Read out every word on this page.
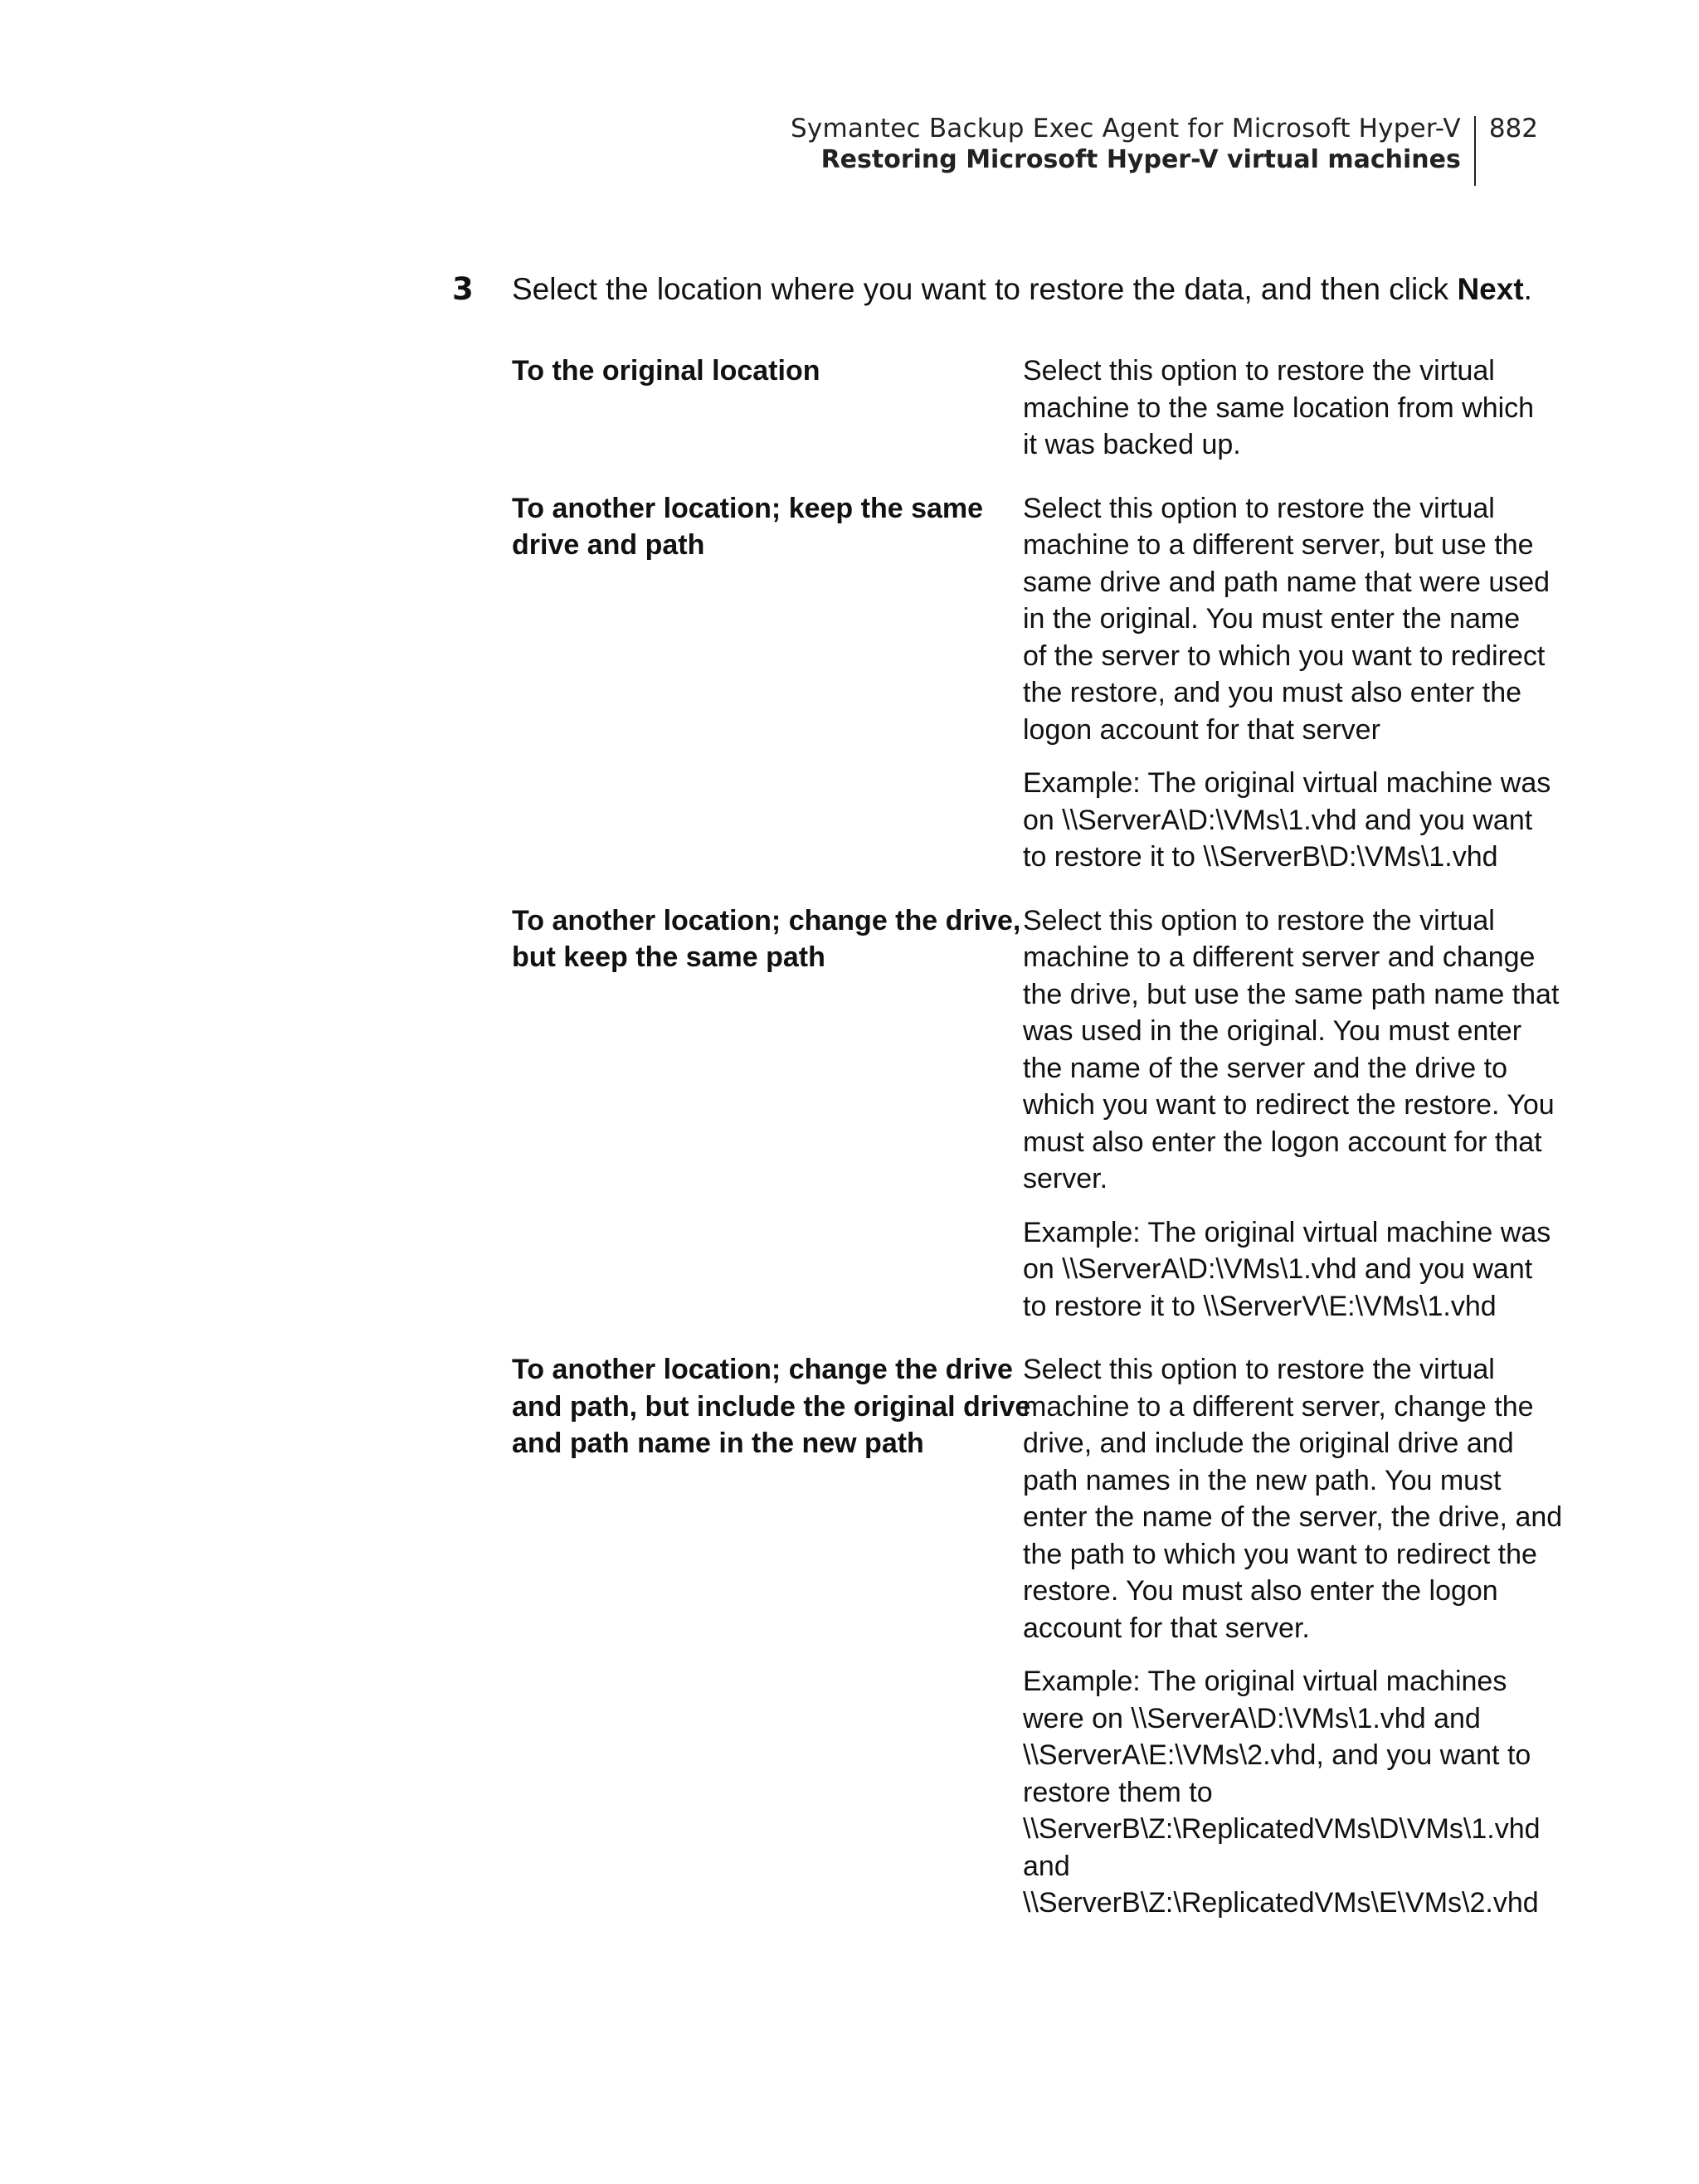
Symantec Backup Exec Agent for Microsoft Hyper-V
Restoring Microsoft Hyper-V virtual machines
882
3 Select the location where you want to restore the data, and then click Next.
To the original location	Select this option to restore the virtual
machine to the same location from which
it was backed up.

To another location; keep the same
drive and path

Select this option to restore the virtual
machine to a different server, but use the
same drive and path name that were used
in the original. You must enter the name
of the server to which you want to redirect
the restore, and you must also enter the
logon account for that server

Example: The original virtual machine was
on \\ServerA\D:\VMs\1.vhd and you want
to restore it to \\ServerB\D:\VMs\1.vhd

To another location; change the drive,
but keep the same path

Select this option to restore the virtual
machine to a different server and change
the drive, but use the same path name that
was used in the original. You must enter
the name of the server and the drive to
which you want to redirect the restore. You
must also enter the logon account for that
server.

Example: The original virtual machine was
on \\ServerA\D:\VMs\1.vhd and you want
to restore it to \\ServerV\E:\VMs\1.vhd

To another location; change the drive
and path, but include the original drive
and path name in the new path

Select this option to restore the virtual
machine to a different server, change the
drive, and include the original drive and
path names in the new path. You must
enter the name of the server, the drive, and
the path to which you want to redirect the
restore. You must also enter the logon
account for that server.

Example: The original virtual machines
were on \\ServerA\D:\VMs\1.vhd and
\\ServerA\E:\VMs\2.vhd, and you want to
restore them to
\\ServerB\Z:\ReplicatedVMs\D\VMs\1.vhd
and
\\ServerB\Z:\ReplicatedVMs\E\VMs\2.vhd
